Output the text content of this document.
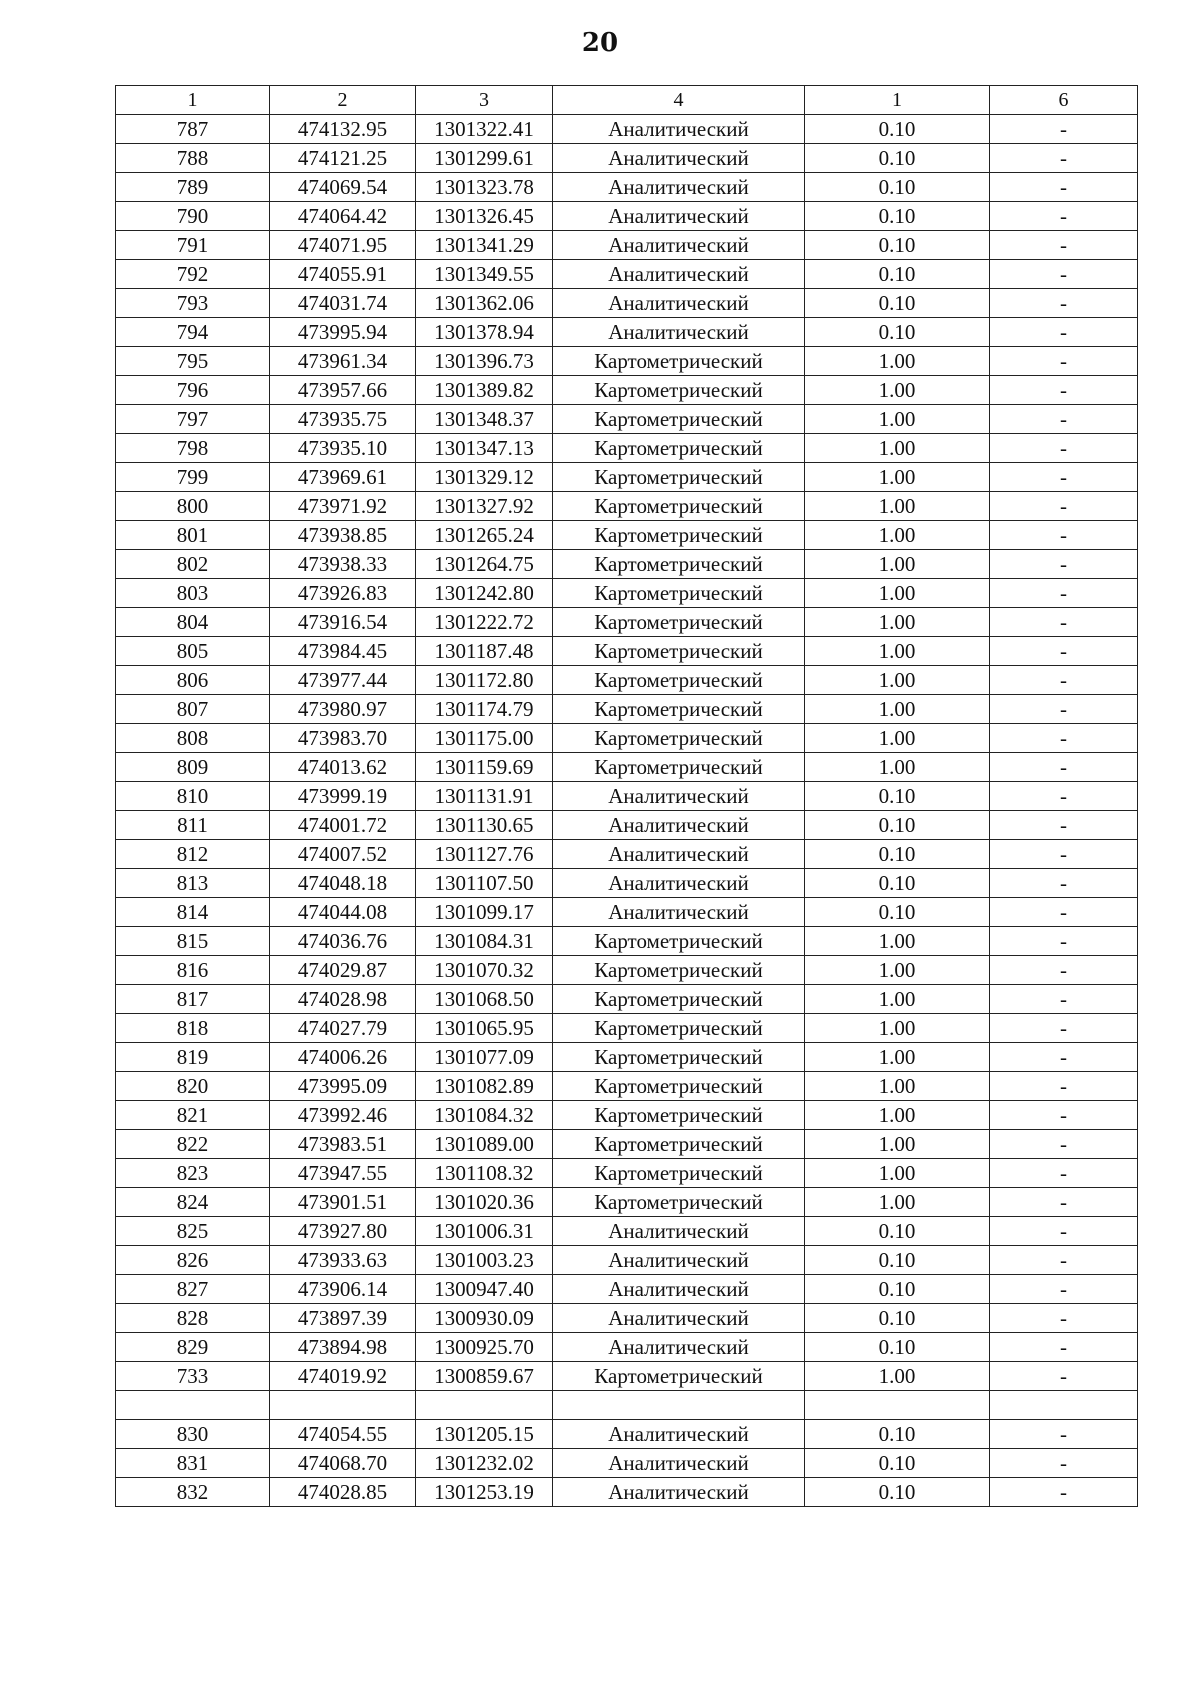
20
1	2	3	4	1	6
787	474132.95	1301322.41	Аналитический	0.10	-
788	474121.25	1301299.61	Аналитический	0.10	-
789	474069.54	1301323.78	Аналитический	0.10	-
790	474064.42	1301326.45	Аналитический	0.10	-
791	474071.95	1301341.29	Аналитический	0.10	-
792	474055.91	1301349.55	Аналитический	0.10	-
793	474031.74	1301362.06	Аналитический	0.10	-
794	473995.94	1301378.94	Аналитический	0.10	-
795	473961.34	1301396.73	Картометрический	1.00	-
796	473957.66	1301389.82	Картометрический	1.00	-
797	473935.75	1301348.37	Картометрический	1.00	-
798	473935.10	1301347.13	Картометрический	1.00	-
799	473969.61	1301329.12	Картометрический	1.00	-
800	473971.92	1301327.92	Картометрический	1.00	-
801	473938.85	1301265.24	Картометрический	1.00	-
802	473938.33	1301264.75	Картометрический	1.00	-
803	473926.83	1301242.80	Картометрический	1.00	-
804	473916.54	1301222.72	Картометрический	1.00	-
805	473984.45	1301187.48	Картометрический	1.00	-
806	473977.44	1301172.80	Картометрический	1.00	-
807	473980.97	1301174.79	Картометрический	1.00	-
808	473983.70	1301175.00	Картометрический	1.00	-
809	474013.62	1301159.69	Картометрический	1.00	-
810	473999.19	1301131.91	Аналитический	0.10	-
811	474001.72	1301130.65	Аналитический	0.10	-
812	474007.52	1301127.76	Аналитический	0.10	-
813	474048.18	1301107.50	Аналитический	0.10	-
814	474044.08	1301099.17	Аналитический	0.10	-
815	474036.76	1301084.31	Картометрический	1.00	-
816	474029.87	1301070.32	Картометрический	1.00	-
817	474028.98	1301068.50	Картометрический	1.00	-
818	474027.79	1301065.95	Картометрический	1.00	-
819	474006.26	1301077.09	Картометрический	1.00	-
820	473995.09	1301082.89	Картометрический	1.00	-
821	473992.46	1301084.32	Картометрический	1.00	-
822	473983.51	1301089.00	Картометрический	1.00	-
823	473947.55	1301108.32	Картометрический	1.00	-
824	473901.51	1301020.36	Картометрический	1.00	-
825	473927.80	1301006.31	Аналитический	0.10	-
826	473933.63	1301003.23	Аналитический	0.10	-
827	473906.14	1300947.40	Аналитический	0.10	-
828	473897.39	1300930.09	Аналитический	0.10	-
829	473894.98	1300925.70	Аналитический	0.10	-
733	474019.92	1300859.67	Картометрический	1.00	-

830	474054.55	1301205.15	Аналитический	0.10	-
831	474068.70	1301232.02	Аналитический	0.10	-
832	474028.85	1301253.19	Аналитический	0.10	-
